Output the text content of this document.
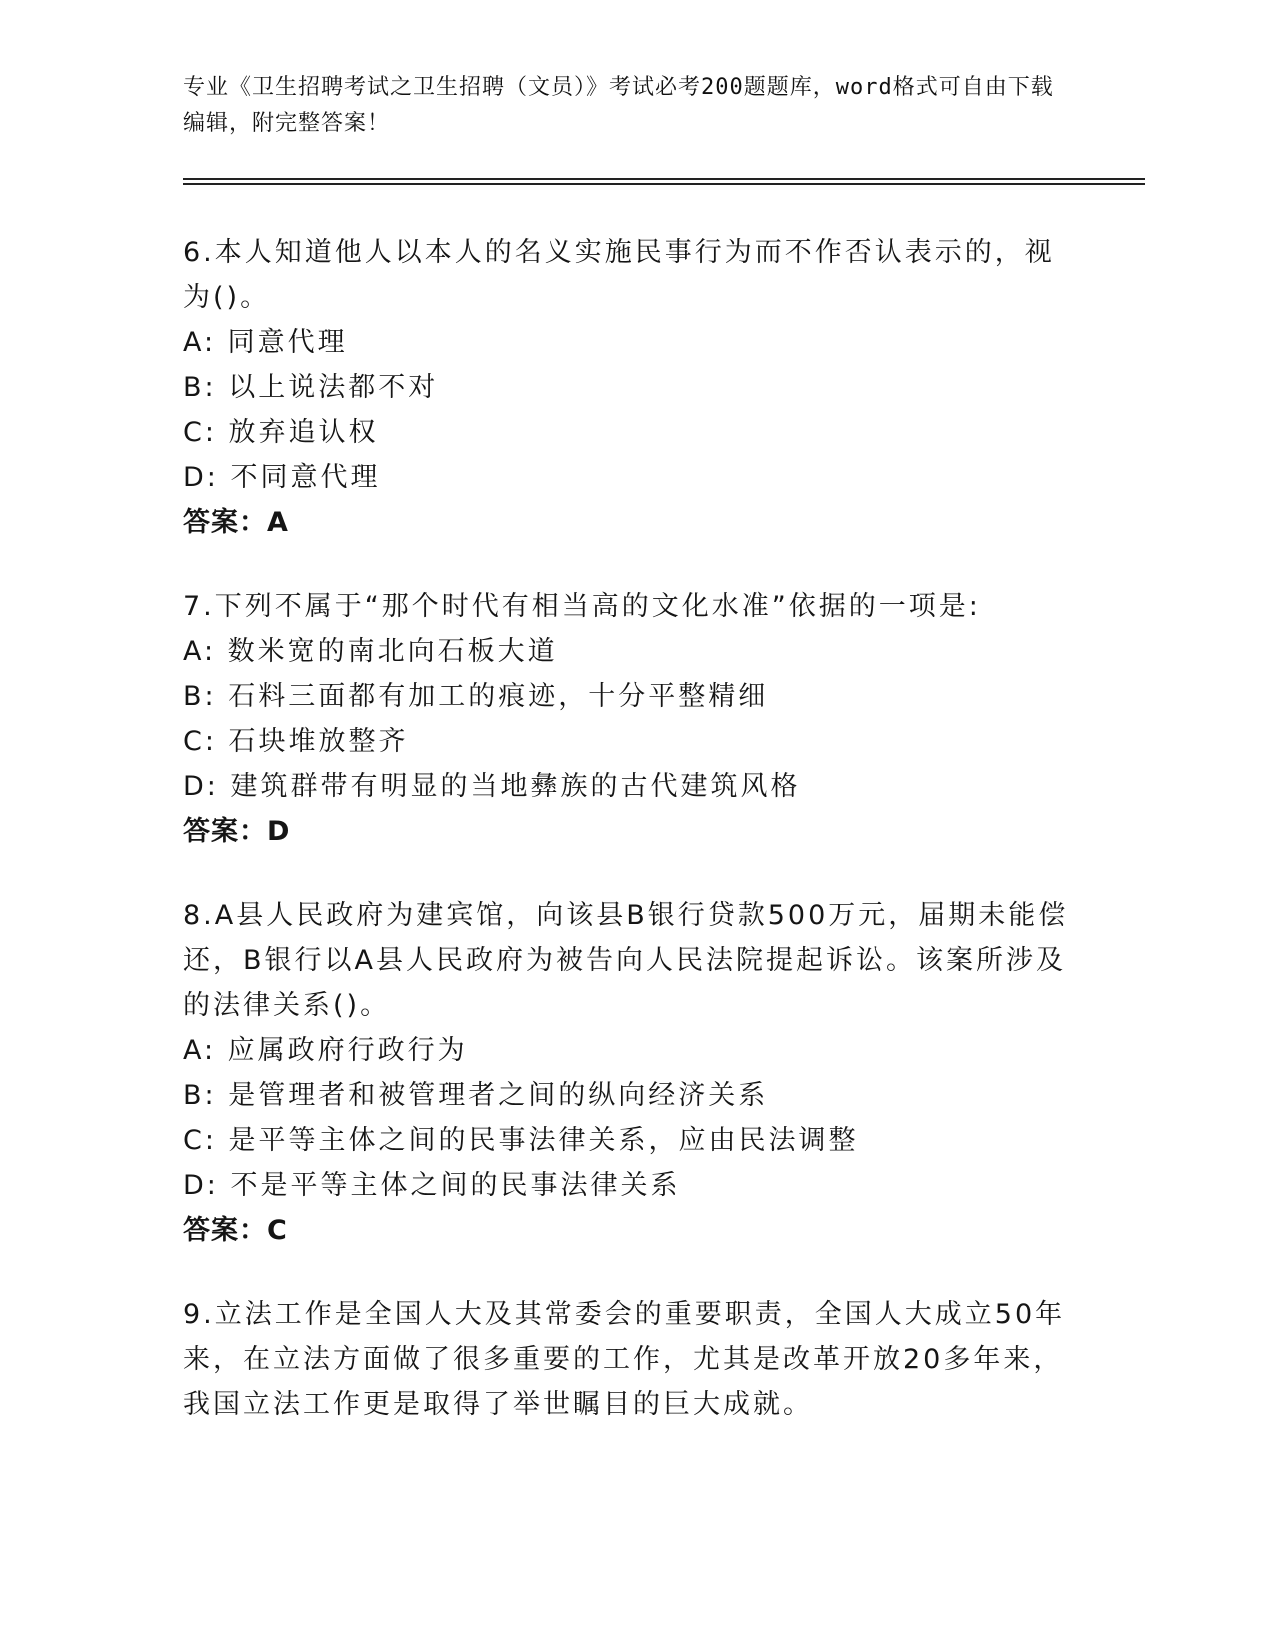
专业《卫生招聘考试之卫生招聘（文员）》考试必考200题题库，word格式可自由下载编辑，附完整答案！
6.本人知道他人以本人的名义实施民事行为而不作否认表示的，视为()。
A: 同意代理
B: 以上说法都不对
C: 放弃追认权
D: 不同意代理
答案：A
7.下列不属于“那个时代有相当高的文化水准”依据的一项是:
A: 数米宽的南北向石板大道
B: 石料三面都有加工的痕迹，十分平整精细
C: 石块堆放整齐
D: 建筑群带有明显的当地彝族的古代建筑风格
答案：D
8.A县人民政府为建宾馆，向该县B银行贷款500万元，届期未能偿还，B银行以A县人民政府为被告向人民法院提起诉讼。该案所涉及的法律关系()。
A: 应属政府行政行为
B: 是管理者和被管理者之间的纵向经济关系
C: 是平等主体之间的民事法律关系，应由民法调整
D: 不是平等主体之间的民事法律关系
答案：C
9.立法工作是全国人大及其常委会的重要职责，全国人大成立50年来，在立法方面做了很多重要的工作，尤其是改革开放20多年来，我国立法工作更是取得了举世瞩目的巨大成就。
